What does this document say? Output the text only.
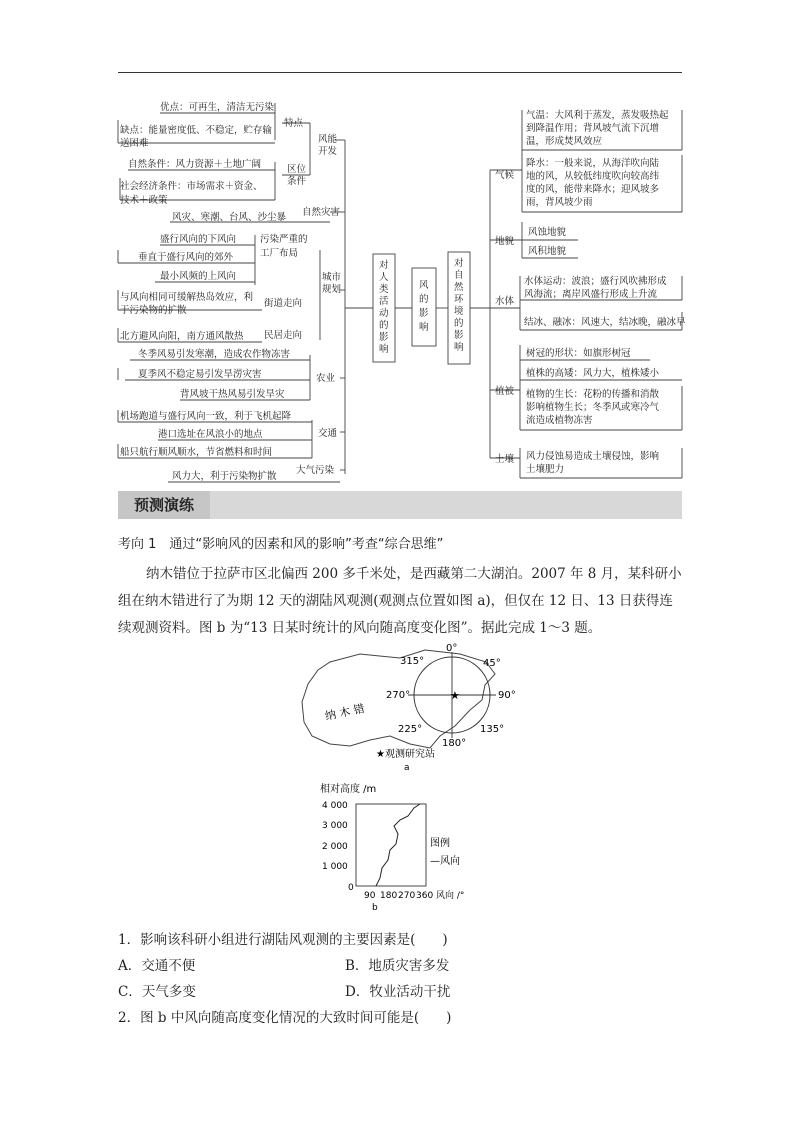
优点：可再生，清洁无污染
缺点：能量密度低、不稳定，贮存输
送困难
特点
自然条件：风力资源＋土地广阔
社会经济条件：市场需求＋资金、
技术＋政策
区位条件
风能开发
自然灾害
风灾、寒潮、台风、沙尘暴
盛行风向的下风向
垂直于盛行风向的郊外
最小风频的上风向
污染严重的
工厂布局
街道走向
与风向相同可缓解热岛效应，利
于污染物的扩散
民居走向
北方避风向阳，南方通风散热
城市规划
冬季风易引发寒潮，造成农作物冻害
夏季风不稳定易引发旱涝灾害
背风坡干热风易引发旱灾
农业
机场跑道与盛行风向一致，利于飞机起降
港口选址在风浪小的地点
船只航行顺风顺水，节省燃料和时间
交通
风力大，利于污染物扩散
大气污染
对人类活动的影响
风的影响
对自然环境的影响
气候
气温：大风利于蒸发，蒸发吸热起
到降温作用；背风坡气流下沉增
温，形成焚风效应
降水：一般来说，从海洋吹向陆
地的风，从较低纬度吹向较高纬
度的风，能带来降水；迎风坡多
雨，背风坡少雨
地貌
风蚀地貌
风积地貌
水体
水体运动：波浪；盛行风吹拂形成
风海流；离岸风盛行形成上升流
结冰、融冰：风速大，结冰晚，融冰早
植被
树冠的形状：如旗形树冠
植株的高矮：风力大，植株矮小
植物的生长：花粉的传播和消散
影响植物生长；冬季风或寒冷气
流造成植物冻害
土壤 风力侵蚀易造成土壤侵蚀，影响
土壤肥力
预测演练
考向 1　通过“影响风的因素和风的影响”考查“综合思维”
纳木错位于拉萨市区北偏西 200 多千米处，是西藏第二大湖泊。2007 年 8 月，某科研小
组在纳木错进行了为期 12 天的湖陆风观测(观测点位置如图 a)，但仅在 12 日、13 日获得连
续观测资料。图 b 为“13 日某时统计的风向随高度变化图”。据此完成 1～3 题。
0°
45°
90°
135°
180°
225°
270°
315°
★
纳 木 错
★观测研究站
a
相对高度 /m
4 000
3 000
2 000
1 000
0
90 180 270 360 风向 /°
图例
—风向
b
1．影响该科研小组进行湖陆风观测的主要因素是(　　)
A．交通不便	B．地质灾害多发
C．天气多变	D．牧业活动干扰
2．图 b 中风向随高度变化情况的大致时间可能是(　　)
